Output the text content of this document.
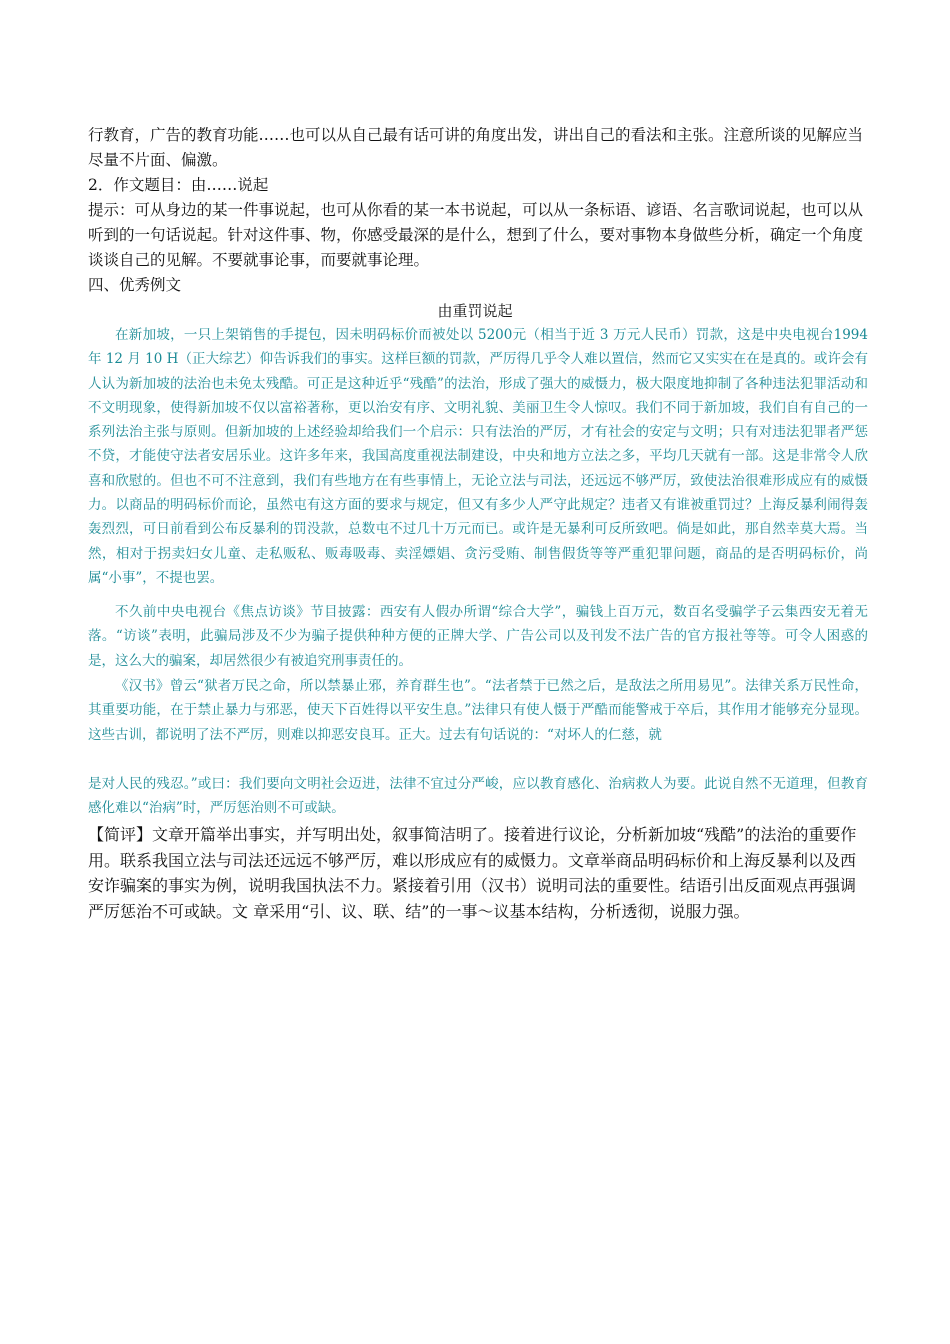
行教育，广告的教育功能……也可以从自己最有话可讲的角度出发，讲出自己的看法和主张。注意所谈的见解应当尽量不片面、偏激。
2．作文题目：由……说起
提示：可从身边的某一件事说起，也可从你看的某一本书说起，可以从一条标语、谚语、名言歌词说起，也可以从听到的一句话说起。针对这件事、物，你感受最深的是什么，想到了什么，要对事物本身做些分析，确定一个角度谈谈自己的见解。不要就事论事，而要就事论理。
四、优秀例文
由重罚说起
在新加坡，一只上架销售的手提包，因未明码标价而被处以 5200元（相当于近 3 万元人民币）罚款，这是中央电视台1994 年 12 月 10 H（正大综艺）仰告诉我们的事实。这样巨额的罚款，严厉得几乎令人难以置信，然而它又实实在在是真的。或许会有人认为新加坡的法治也未免太残酷。可正是这种近乎“残酷”的法治，形成了强大的威慑力，极大限度地抑制了各种违法犯罪活动和不文明现象，使得新加坡不仅以富裕著称，更以治安有序、文明礼貌、美丽卫生令人惊叹。我们不同于新加坡，我们自有自己的一系列法治主张与原则。但新加坡的上述经验却给我们一个启示：只有法治的严厉，才有社会的安定与文明；只有对违法犯罪者严惩不贷，才能使守法者安居乐业。这许多年来，我国高度重视法制建设，中央和地方立法之多，平均几天就有一部。这是非常令人欣喜和欣慰的。但也不可不注意到，我们有些地方在有些事情上，无论立法与司法，还远远不够严厉，致使法治很难形成应有的威慑力。以商品的明码标价而论，虽然屯有这方面的要求与规定，但又有多少人严守此规定？违者又有谁被重罚过？上海反暴利闹得轰轰烈烈，可日前看到公布反暴利的罚没款，总数屯不过几十万元而已。或许是无暴利可反所致吧。倘是如此，那自然幸莫大焉。当然，相对于拐卖妇女儿童、走私贩私、贩毒吸毒、卖淫嫖娼、贪污受贿、制售假货等等严重犯罪问题，商品的是否明码标价，尚属“小事”，不提也罢。
不久前中央电视台《焦点访谈》节目披露：西安有人假办所谓“综合大学”，骗钱上百万元，数百名受骗学子云集西安无着无落。“访谈”表明，此骗局涉及不少为骗子提供种种方便的正牌大学、广告公司以及刊发不法广告的官方报社等等。可令人困惑的是，这么大的骗案，却居然很少有被追究刑事责任的。
《汉书》曾云“狱者万民之命，所以禁暴止邪，养育群生也”。“法者禁于已然之后，是敌法之所用易见”。法律关系万民性命，其重要功能，在于禁止暴力与邪恶，使天下百姓得以平安生息。”法律只有使人慑于严酷而能警戒于卒后，其作用才能够充分显现。这些古训，都说明了法不严厉，则难以抑恶安良耳。正大。过去有句话说的：“对坏人的仁慈，就
是对人民的残忍。”或曰：我们要向文明社会迈进，法律不宜过分严峻，应以教育感化、治病救人为要。此说自然不无道理，但教育感化难以“治病”时，严厉惩治则不可或缺。
【简评】文章开篇举出事实，并写明出处，叙事简洁明了。接着进行议论，分析新加坡“残酷”的法治的重要作用。联系我国立法与司法还远远不够严厉，难以形成应有的威慑力。文章举商品明码标价和上海反暴利以及西安诈骗案的事实为例，说明我国执法不力。紧接着引用（汉书）说明司法的重要性。结语引出反面观点再强调严厉惩治不可或缺。文 章采用“引、议、联、结”的一事～议基本结构，分析透彻，说服力强。
